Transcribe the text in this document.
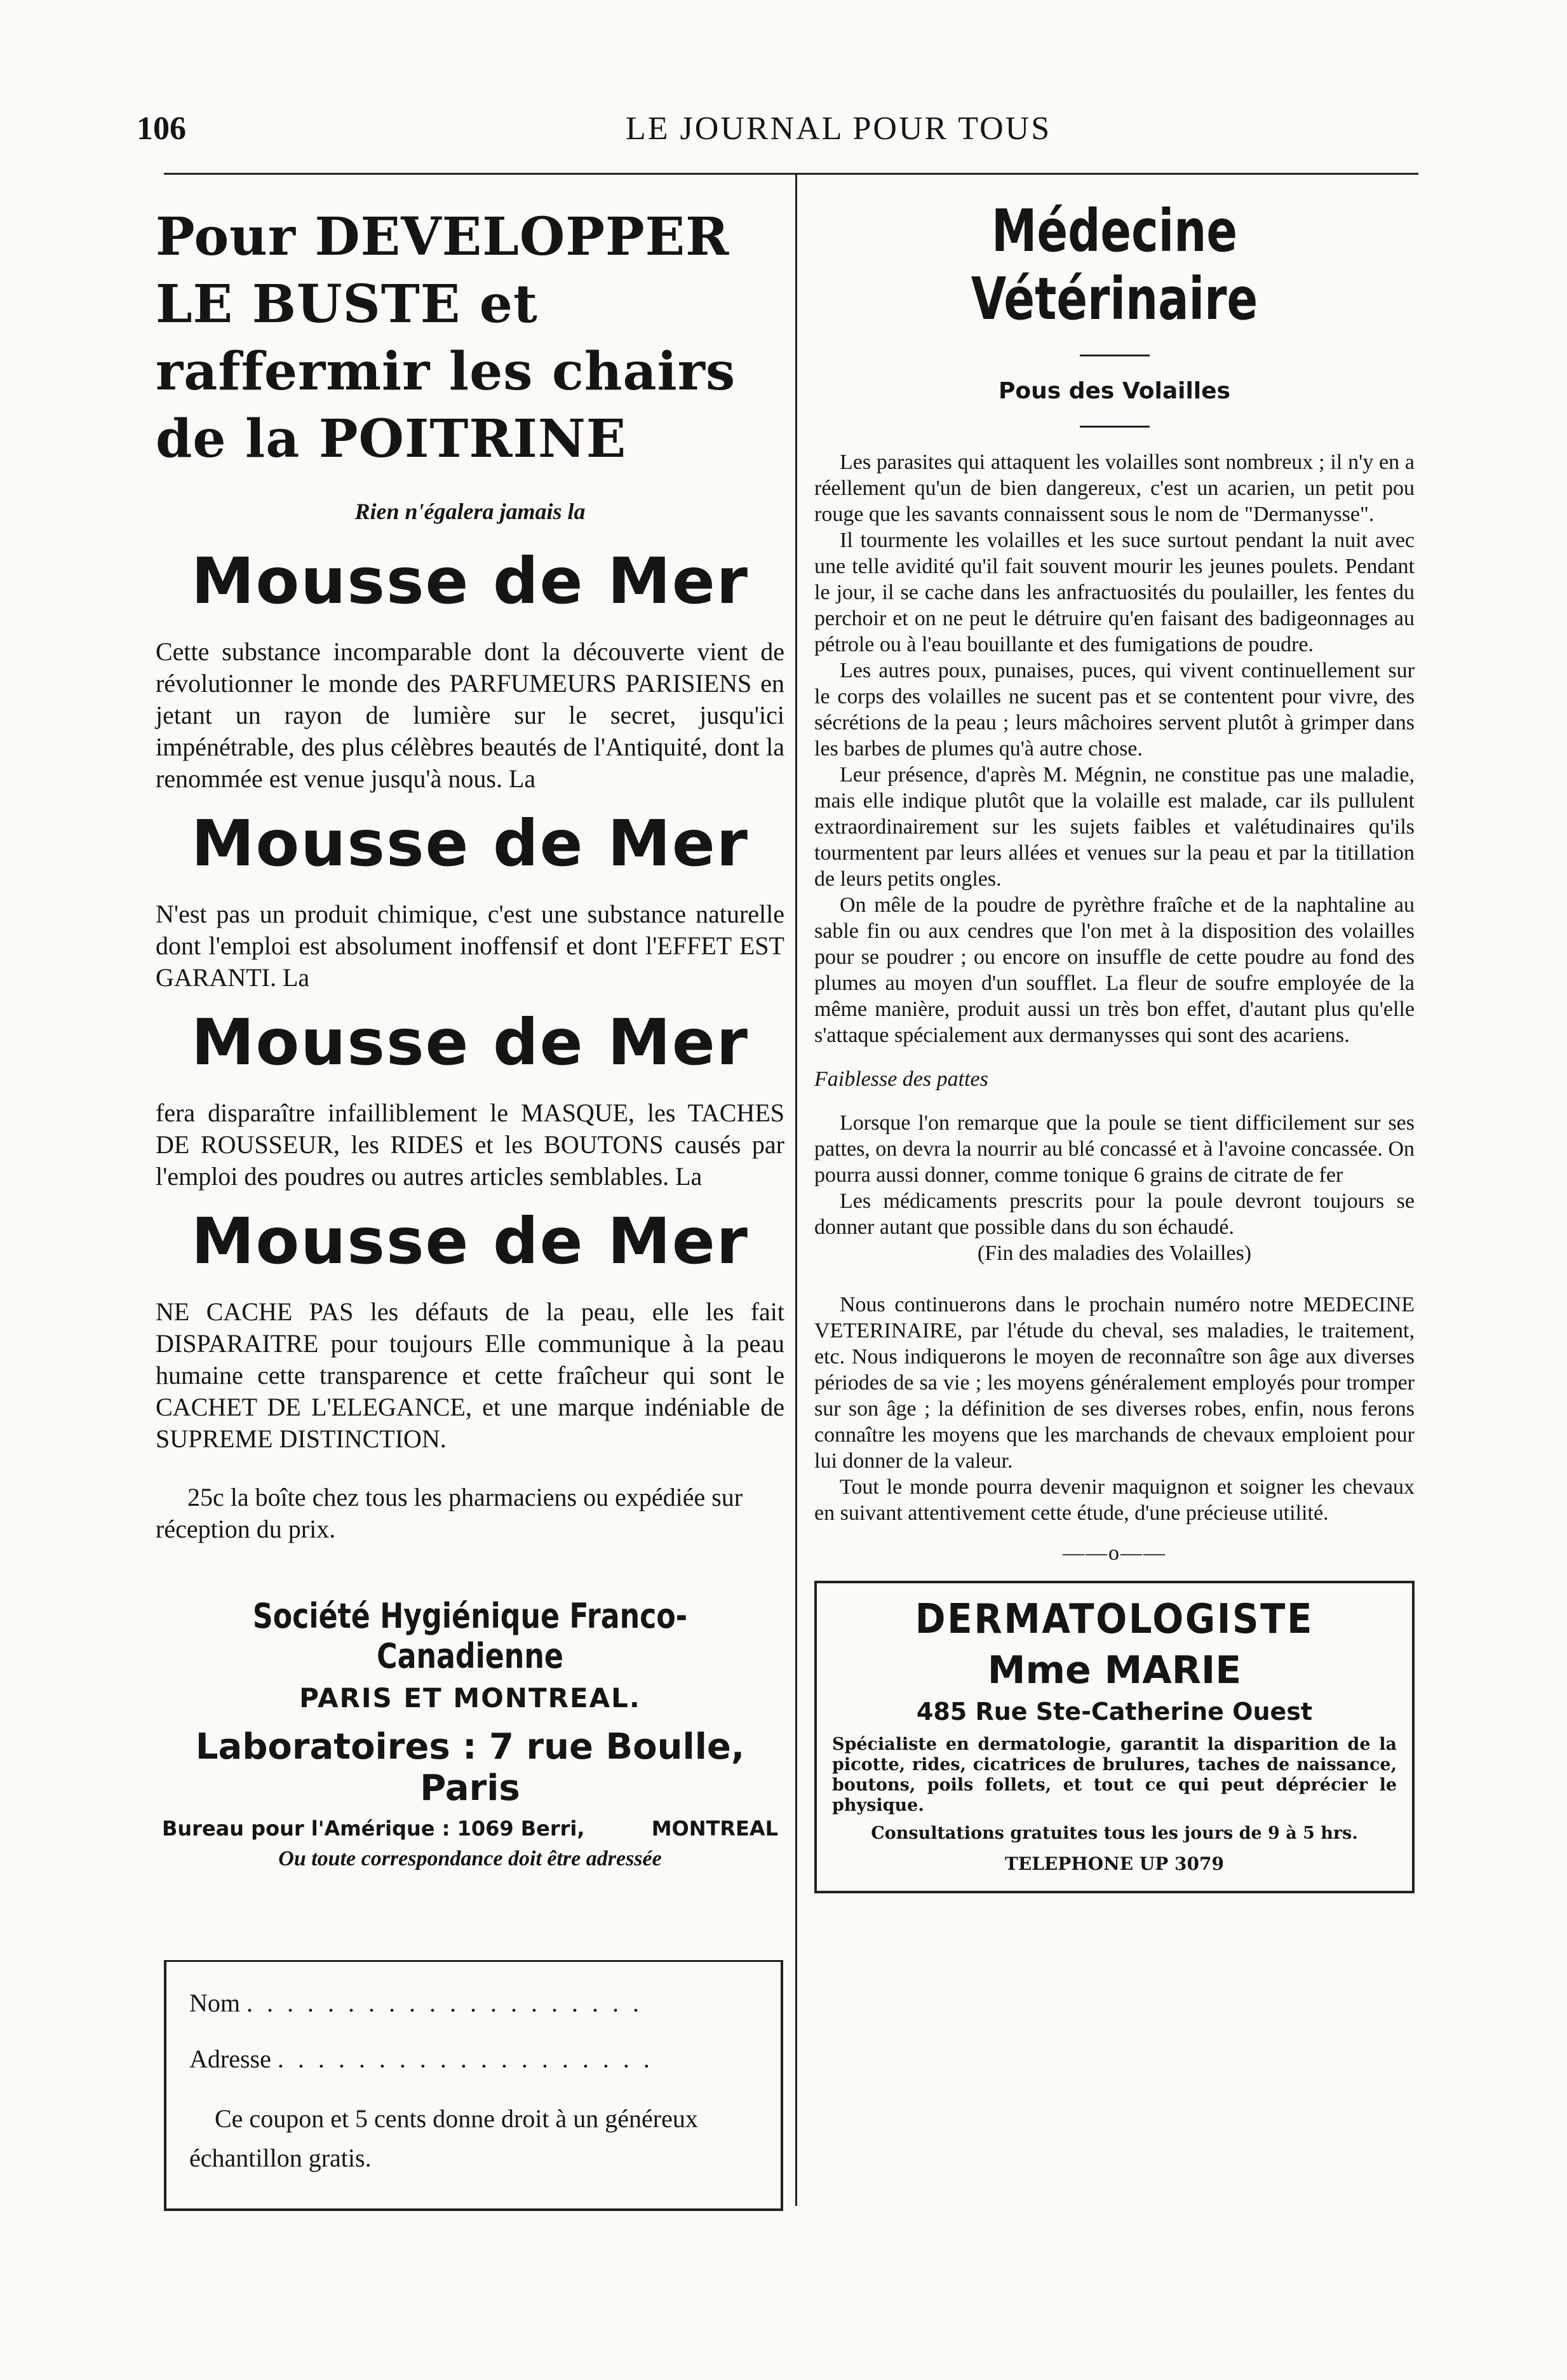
106	LE JOURNAL POUR TOUS

Pour DEVELOPPER LE BUSTE et raffermir les chairs de la POITRINE

Rien n'égalera jamais la

Mousse de Mer

Cette substance incomparable dont la découverte vient de révolutionner le monde des PARFUMEURS PARISIENS en jetant un rayon de lumière sur le secret, jusqu'ici impénétrable, des plus célèbres beautés de l'Antiquité, dont la renommée est venue jusqu'à nous. La

Mousse de Mer

N'est pas un produit chimique, c'est une substance naturelle dont l'emploi est absolument inoffensif et dont l'EFFET EST GARANTI. La

Mousse de Mer

fera disparaître infailliblement le MASQUE, les TACHES DE ROUSSEUR, les RIDES et les BOUTONS causés par l'emploi des poudres ou autres articles semblables. La

Mousse de Mer

NE CACHE PAS les défauts de la peau, elle les fait DISPARAITRE pour toujours Elle communique à la peau humaine cette transparence et cette fraîcheur qui sont le CACHET DE L'ELEGANCE, et une marque indéniable de SUPREME DISTINCTION.

25c la boîte chez tous les pharmaciens ou expédiée sur réception du prix.

Société Hygiénique Franco-Canadienne
PARIS ET MONTREAL.
Laboratoires : 7 rue Boulle, Paris
Bureau pour l'Amérique : 1069 Berri,	MONTREAL

Ou toute correspondance doit être adressée

Nom . . . . . . . . . . . . . . . . . . . .

Adresse . . . . . . . . . . . . . . . . . . .

Ce coupon et 5 cents donne droit à un généreux échantillon gratis.

Médecine Vétérinaire

Pous des Volailles

Les parasites qui attaquent les volailles sont nombreux ; il n'y en a réellement qu'un de bien dangereux, c'est un acarien, un petit pou rouge que les savants connaissent sous le nom de "Dermanysse".

Il tourmente les volailles et les suce surtout pendant la nuit avec une telle avidité qu'il fait souvent mourir les jeunes poulets. Pendant le jour, il se cache dans les anfractuosités du poulailler, les fentes du perchoir et on ne peut le détruire qu'en faisant des badigeonnages au pétrole ou à l'eau bouillante et des fumigations de poudre.

Les autres poux, punaises, puces, qui vivent continuellement sur le corps des volailles ne sucent pas et se contentent pour vivre, des sécrétions de la peau ; leurs mâchoires servent plutôt à grimper dans les barbes de plumes qu'à autre chose.

Leur présence, d'après M. Mégnin, ne constitue pas une maladie, mais elle indique plutôt que la volaille est malade, car ils pullulent extraordinairement sur les sujets faibles et valétudinaires qu'ils tourmentent par leurs allées et venues sur la peau et par la titillation de leurs petits ongles.

On mêle de la poudre de pyrèthre fraîche et de la naphtaline au sable fin ou aux cendres que l'on met à la disposition des volailles pour se poudrer ; ou encore on insuffle de cette poudre au fond des plumes au moyen d'un soufflet. La fleur de soufre employée de la même manière, produit aussi un très bon effet, d'autant plus qu'elle s'attaque spécialement aux dermanysses qui sont des acariens.

Faiblesse des pattes

Lorsque l'on remarque que la poule se tient difficilement sur ses pattes, on devra la nourrir au blé concassé et à l'avoine concassée. On pourra aussi donner, comme tonique 6 grains de citrate de fer

Les médicaments prescrits pour la poule devront toujours se donner autant que possible dans du son échaudé.

(Fin des maladies des Volailles)

Nous continuerons dans le prochain numéro notre MEDECINE VETERINAIRE, par l'étude du cheval, ses maladies, le traitement, etc. Nous indiquerons le moyen de reconnaître son âge aux diverses périodes de sa vie ; les moyens généralement employés pour tromper sur son âge ; la définition de ses diverses robes, enfin, nous ferons connaître les moyens que les marchands de chevaux emploient pour lui donner de la valeur.

Tout le monde pourra devenir maquignon et soigner les chevaux en suivant attentivement cette étude, d'une précieuse utilité.

——o——

DERMATOLOGISTE

Mme MARIE

485 Rue Ste-Catherine Ouest

Spécialiste en dermatologie, garantit la disparition de la picotte, rides, cicatrices de brulures, taches de naissance, boutons, poils follets, et tout ce qui peut déprécier le physique.

Consultations gratuites tous les jours de 9 à 5 hrs.

TELEPHONE UP 3079
